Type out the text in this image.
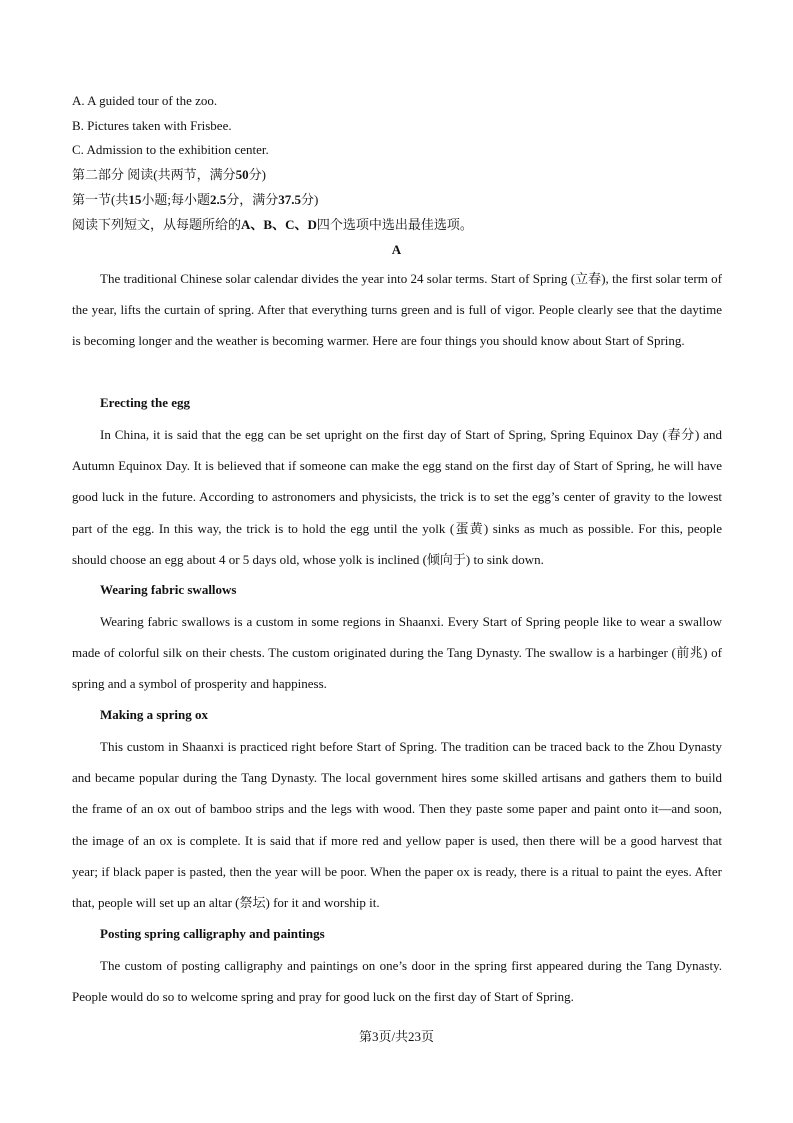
A. A guided tour of the zoo.
B. Pictures taken with Frisbee.
C. Admission to the exhibition center.
第二部分 阅读(共两节，满分50分)
第一节(共15小题;每小题2.5分，满分37.5分)
阅读下列短文，从每题所给的A、B、C、D四个选项中选出最佳选项。
A

The traditional Chinese solar calendar divides the year into 24 solar terms. Start of Spring (立春), the first solar term of the year, lifts the curtain of spring. After that everything turns green and is full of vigor. People clearly see that the daytime is becoming longer and the weather is becoming warmer. Here are four things you should know about Start of Spring.

Erecting the egg

In China, it is said that the egg can be set upright on the first day of Start of Spring, Spring Equinox Day (春分) and Autumn Equinox Day. It is believed that if someone can make the egg stand on the first day of Start of Spring, he will have good luck in the future. According to astronomers and physicists, the trick is to set the egg’s center of gravity to the lowest part of the egg. In this way, the trick is to hold the egg until the yolk (蛋黄) sinks as much as possible. For this, people should choose an egg about 4 or 5 days old, whose yolk is inclined (倾向于) to sink down.

Wearing fabric swallows

Wearing fabric swallows is a custom in some regions in Shaanxi. Every Start of Spring people like to wear a swallow made of colorful silk on their chests. The custom originated during the Tang Dynasty. The swallow is a harbinger (前兆) of spring and a symbol of prosperity and happiness.

Making a spring ox

This custom in Shaanxi is practiced right before Start of Spring. The tradition can be traced back to the Zhou Dynasty and became popular during the Tang Dynasty. The local government hires some skilled artisans and gathers them to build the frame of an ox out of bamboo strips and the legs with wood. Then they paste some paper and paint onto it—and soon, the image of an ox is complete. It is said that if more red and yellow paper is used, then there will be a good harvest that year; if black paper is pasted, then the year will be poor. When the paper ox is ready, there is a ritual to paint the eyes. After that, people will set up an altar (祭坛) for it and worship it.

Posting spring calligraphy and paintings

The custom of posting calligraphy and paintings on one’s door in the spring first appeared during the Tang Dynasty. People would do so to welcome spring and pray for good luck on the first day of Start of Spring.

第3页/共23页
